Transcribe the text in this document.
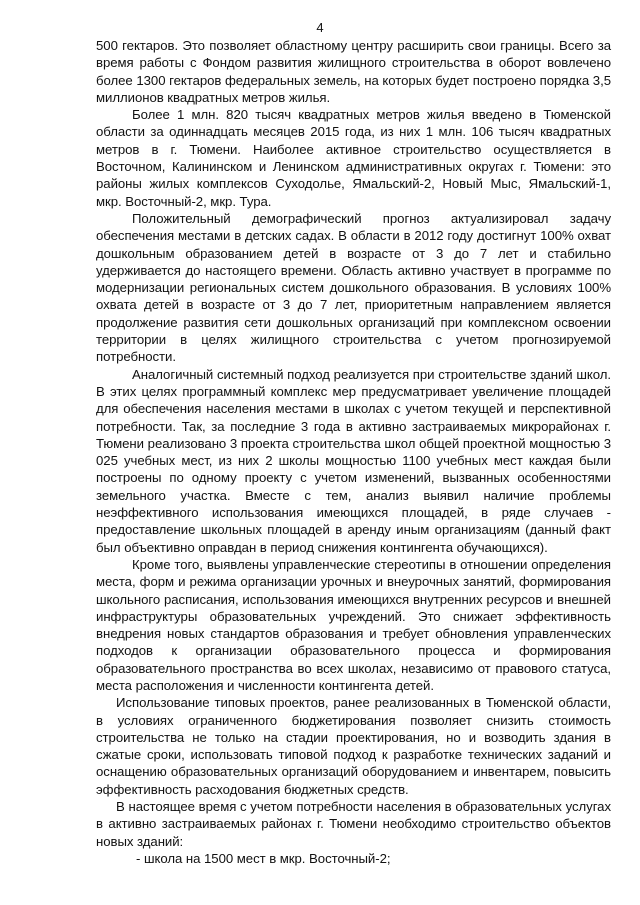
4

500 гектаров. Это позволяет областному центру расширить свои границы. Всего за время работы с Фондом развития жилищного строительства в оборот вовлечено более 1300 гектаров федеральных земель, на которых будет построено порядка 3,5 миллионов квадратных метров жилья.

Более 1 млн. 820 тысяч квадратных метров жилья введено в Тюменской области за одиннадцать месяцев 2015 года, из них 1 млн. 106 тысяч квадратных метров в г. Тюмени. Наиболее активное строительство осуществляется в Восточном, Калининском и Ленинском административных округах г. Тюмени: это районы жилых комплексов Суходолье, Ямальский-2, Новый Мыс, Ямальский-1, мкр. Восточный-2, мкр. Тура.

Положительный демографический прогноз актуализировал задачу обеспечения местами в детских садах. В области в 2012 году достигнут 100% охват дошкольным образованием детей в возрасте от 3 до 7 лет и стабильно удерживается до настоящего времени. Область активно участвует в программе по модернизации региональных систем дошкольного образования. В условиях 100% охвата детей в возрасте от 3 до 7 лет, приоритетным направлением является продолжение развития сети дошкольных организаций при комплексном освоении территории в целях жилищного строительства с учетом прогнозируемой потребности.

Аналогичный системный подход реализуется при строительстве зданий школ. В этих целях программный комплекс мер предусматривает увеличение площадей для обеспечения населения местами в школах с учетом текущей и перспективной потребности. Так, за последние 3 года в активно застраиваемых микрорайонах г. Тюмени реализовано 3 проекта строительства школ общей проектной мощностью 3 025 учебных мест, из них 2 школы мощностью 1100 учебных мест каждая были построены по одному проекту с учетом изменений, вызванных особенностями земельного участка. Вместе с тем, анализ выявил наличие проблемы неэффективного использования имеющихся площадей, в ряде случаев - предоставление школьных площадей в аренду иным организациям (данный факт был объективно оправдан в период снижения контингента обучающихся).

Кроме того, выявлены управленческие стереотипы в отношении определения места, форм и режима организации урочных и внеурочных занятий, формирования школьного расписания, использования имеющихся внутренних ресурсов и внешней инфраструктуры образовательных учреждений. Это снижает эффективность внедрения новых стандартов образования и требует обновления управленческих подходов к организации образовательного процесса и формирования образовательного пространства во всех школах, независимо от правового статуса, места расположения и численности контингента детей.

Использование типовых проектов, ранее реализованных в Тюменской области, в условиях ограниченного бюджетирования позволяет снизить стоимость строительства не только на стадии проектирования, но и возводить здания в сжатые сроки, использовать типовой подход к разработке технических заданий и оснащению образовательных организаций оборудованием и инвентарем, повысить эффективность расходования бюджетных средств.

В настоящее время с учетом потребности населения в образовательных услугах в активно застраиваемых районах г. Тюмени необходимо строительство объектов новых зданий:

- школа на 1500 мест в мкр. Восточный-2;
